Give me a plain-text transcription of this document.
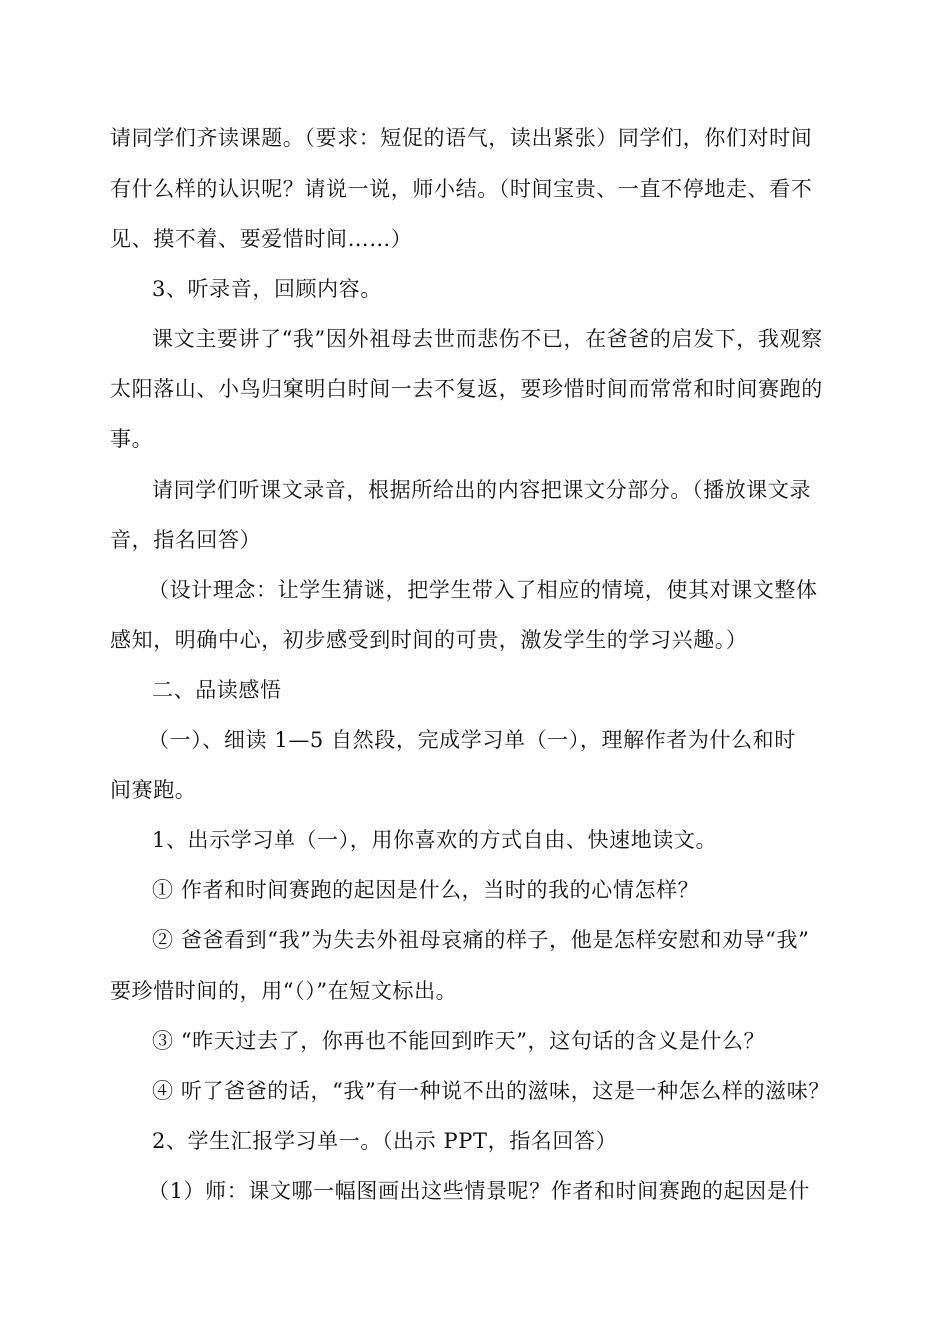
请同学们齐读课题。（要求：短促的语气，读出紧张）同学们，你们对时间
有什么样的认识呢？请说一说，师小结。（时间宝贵、一直不停地走、看不
见、摸不着、要爱惜时间……）
3、听录音，回顾内容。
课文主要讲了“我”因外祖母去世而悲伤不已，在爸爸的启发下，我观察
太阳落山、小鸟归窠明白时间一去不复返，要珍惜时间而常常和时间赛跑的
事。
请同学们听课文录音，根据所给出的内容把课文分部分。（播放课文录
音，指名回答）
（设计理念：让学生猜谜，把学生带入了相应的情境，使其对课文整体
感知，明确中心，初步感受到时间的可贵，激发学生的学习兴趣。）
二、品读感悟
（一）、细读 1—5 自然段，完成学习单（一），理解作者为什么和时
间赛跑。
1、出示学习单（一），用你喜欢的方式自由、快速地读文。
① 作者和时间赛跑的起因是什么，当时的我的心情怎样？
② 爸爸看到“我”为失去外祖母哀痛的样子，他是怎样安慰和劝导“我”
要珍惜时间的，用“（）”在短文标出。
③ “昨天过去了，你再也不能回到昨天”，这句话的含义是什么？
④ 听了爸爸的话，“我”有一种说不出的滋味，这是一种怎么样的滋味？
2、学生汇报学习单一。（出示 PPT，指名回答）
（1）师：课文哪一幅图画出这些情景呢？作者和时间赛跑的起因是什
